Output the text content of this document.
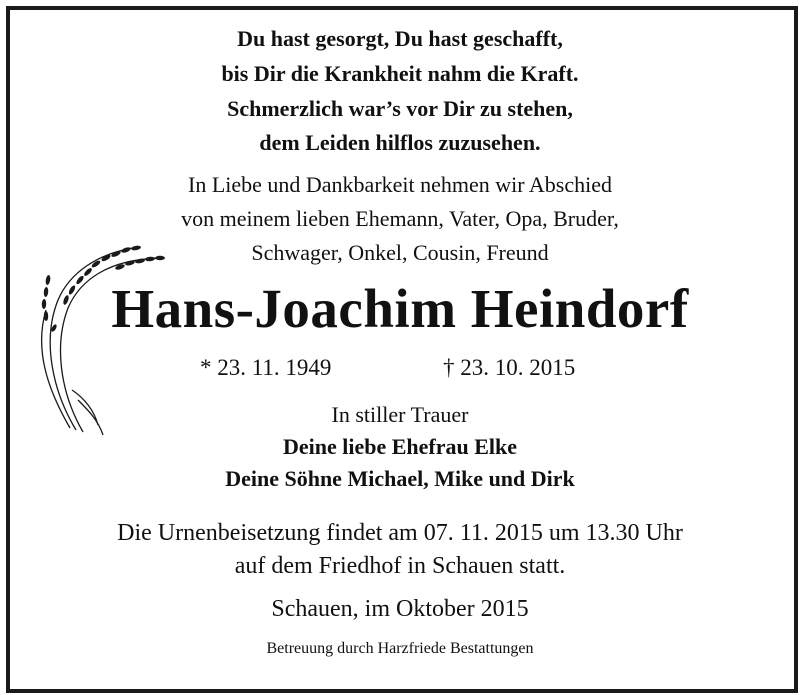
Du hast gesorgt, Du hast geschafft,
bis Dir die Krankheit nahm die Kraft.
Schmerzlich war’s vor Dir zu stehen,
dem Leiden hilflos zuzusehen.
In Liebe und Dankbarkeit nehmen wir Abschied
von meinem lieben Ehemann, Vater, Opa, Bruder,
Schwager, Onkel, Cousin, Freund
Hans-Joachim Heindorf
* 23. 11. 1949	† 23. 10. 2015
In stiller Trauer
Deine liebe Ehefrau Elke
Deine Söhne Michael, Mike und Dirk
Die Urnenbeisetzung findet am 07. 11. 2015 um 13.30 Uhr
auf dem Friedhof in Schauen statt.
Schauen, im Oktober 2015
Betreuung durch Harzfriede Bestattungen
